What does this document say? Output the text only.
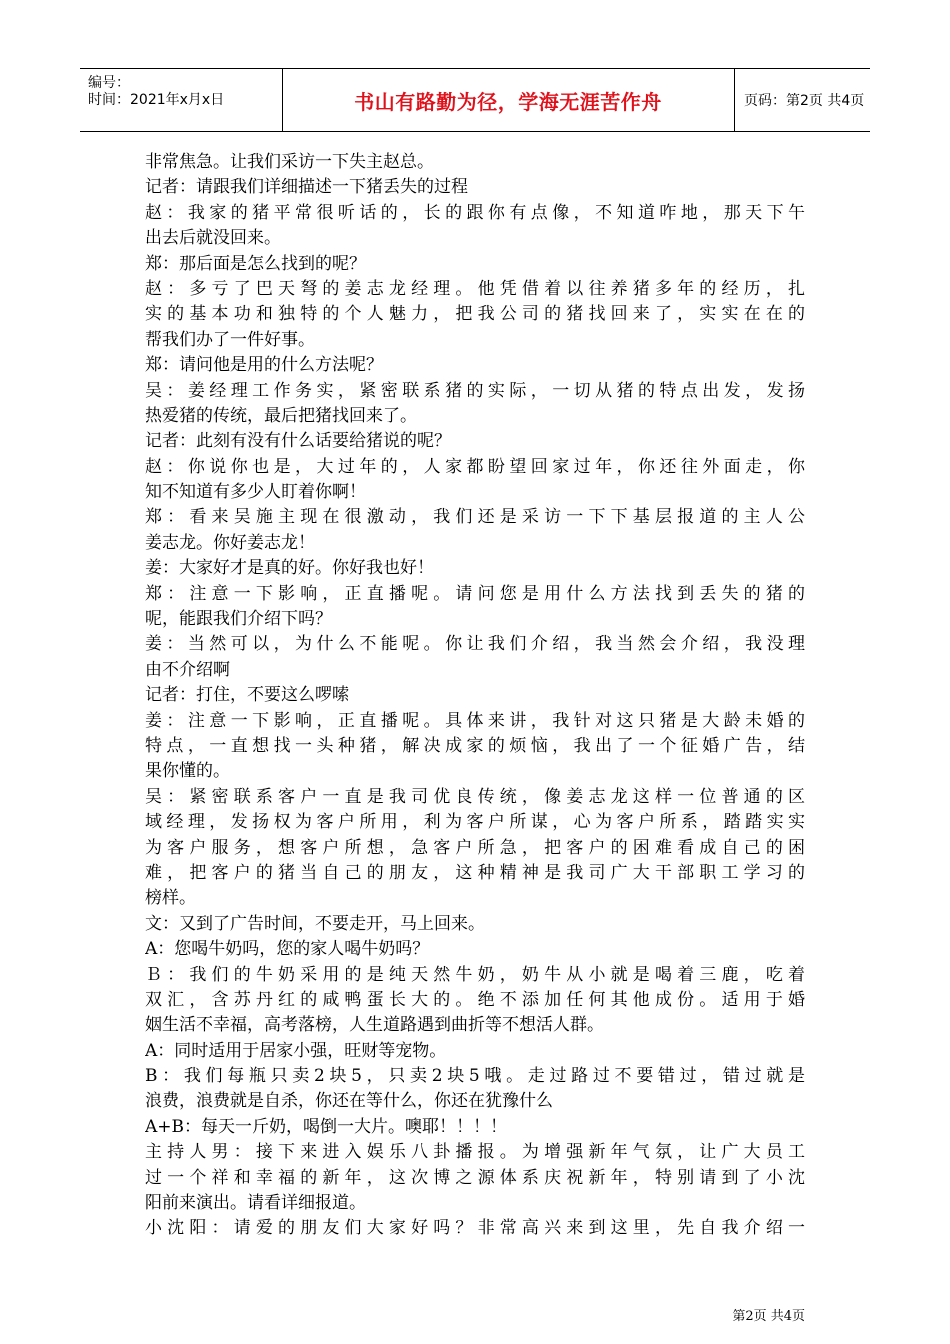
编号：
时间：2021年x月x日	书山有路勤为径，学海无涯苦作舟	页码：第2页 共4页
非常焦急。让我们采访一下失主赵总。
记者：请跟我们详细描述一下猪丢失的过程
赵：我家的猪平常很听话的，长的跟你有点像，不知道咋地，那天下午
出去后就没回来。
郑：那后面是怎么找到的呢？
赵：多亏了巴天弩的姜志龙经理。他凭借着以往养猪多年的经历，扎
实的基本功和独特的个人魅力，把我公司的猪找回来了，实实在在的
帮我们办了一件好事。
郑：请问他是用的什么方法呢？
吴：姜经理工作务实，紧密联系猪的实际，一切从猪的特点出发，发扬
热爱猪的传统，最后把猪找回来了。
记者：此刻有没有什么话要给猪说的呢？
赵：你说你也是，大过年的，人家都盼望回家过年，你还往外面走，你
知不知道有多少人盯着你啊！
郑：看来吴施主现在很激动，我们还是采访一下下基层报道的主人公
姜志龙。你好姜志龙！
姜：大家好才是真的好。你好我也好！
郑：注意一下影响，正直播呢。请问您是用什么方法找到丢失的猪的
呢，能跟我们介绍下吗？
姜：当然可以，为什么不能呢。你让我们介绍，我当然会介绍，我没理
由不介绍啊
记者：打住，不要这么啰嗦
姜：注意一下影响，正直播呢。具体来讲，我针对这只猪是大龄未婚的
特点，一直想找一头种猪，解决成家的烦恼，我出了一个征婚广告，结
果你懂的。
吴：紧密联系客户一直是我司优良传统，像姜志龙这样一位普通的区
域经理，发扬权为客户所用，利为客户所谋，心为客户所系，踏踏实实
为客户服务，想客户所想，急客户所急，把客户的困难看成自己的困
难，把客户的猪当自己的朋友，这种精神是我司广大干部职工学习的
榜样。
文：又到了广告时间，不要走开，马上回来。
A：您喝牛奶吗，您的家人喝牛奶吗？
Ｂ：我们的牛奶采用的是纯天然牛奶，奶牛从小就是喝着三鹿，吃着
双汇，含苏丹红的咸鸭蛋长大的。绝不添加任何其他成份。适用于婚
姻生活不幸福，高考落榜，人生道路遇到曲折等不想活人群。
A：同时适用于居家小强，旺财等宠物。
B：我们每瓶只卖2块5，只卖2块5哦。走过路过不要错过，错过就是
浪费，浪费就是自杀，你还在等什么，你还在犹豫什么
A+B：每天一斤奶，喝倒一大片。噢耶！！！！
主持人男：接下来进入娱乐八卦播报。为增强新年气氛，让广大员工
过一个祥和幸福的新年，这次博之源体系庆祝新年，特别请到了小沈
阳前来演出。请看详细报道。
小沈阳：请爱的朋友们大家好吗？非常高兴来到这里，先自我介绍一
第2页 共4页
